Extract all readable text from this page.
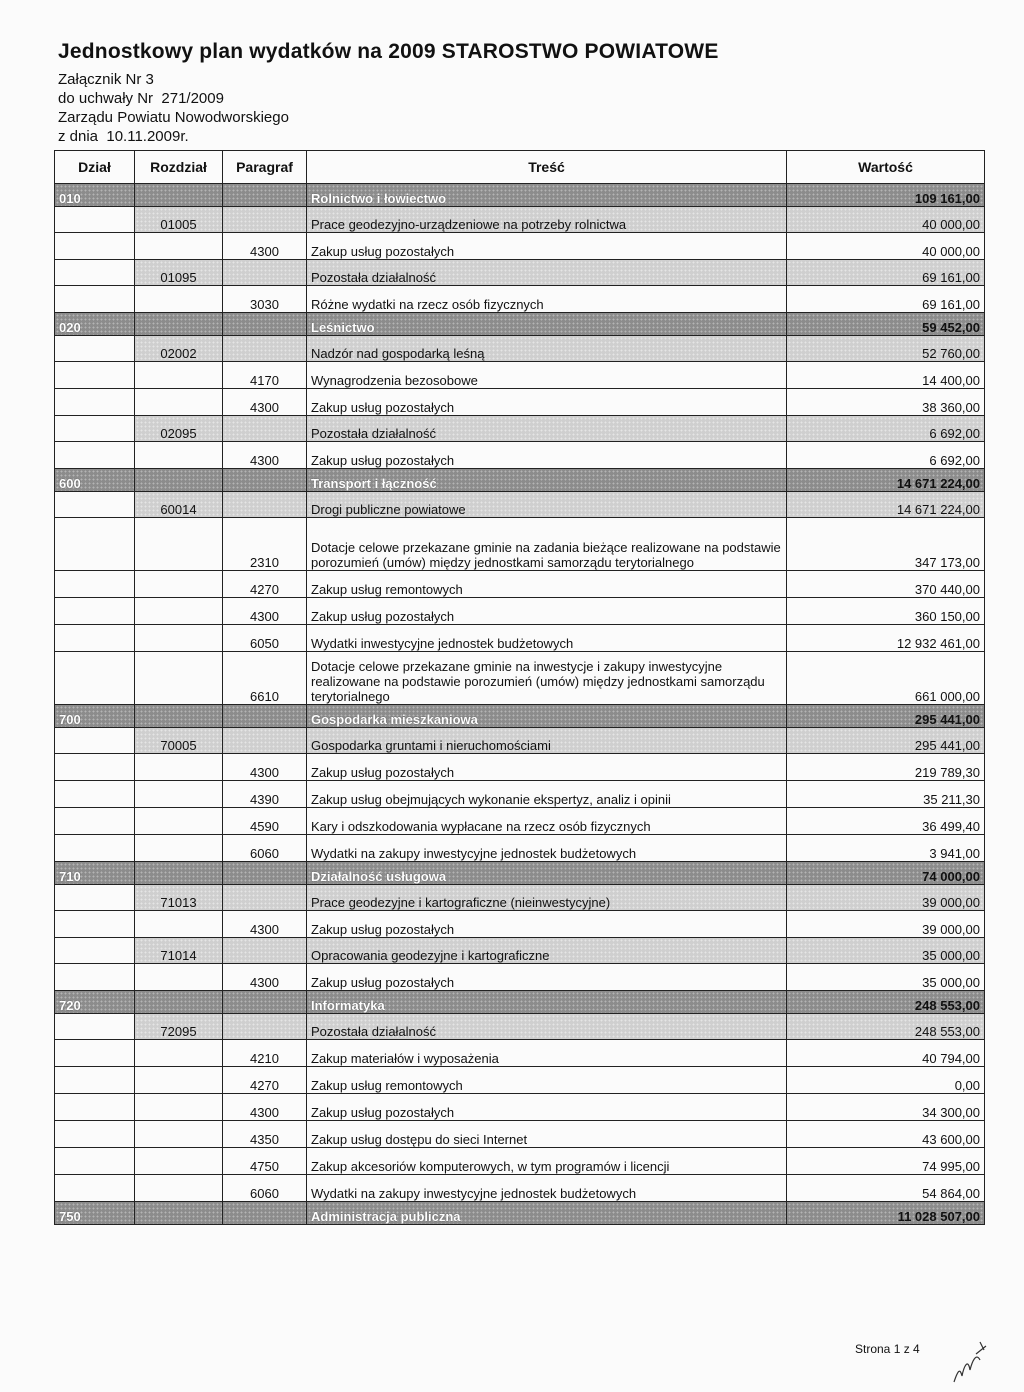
Jednostkowy plan wydatków na 2009 STAROSTWO POWIATOWE
Załącznik Nr 3
do uchwały Nr 271/2009
Zarządu Powiatu Nowodworskiego
z dnia 10.11.2009r.
Dział	Rozdział	Paragraf	Treść	Wartość
010			Rolnictwo i łowiectwo	109 161,00
	01005		Prace geodezyjno-urządzeniowe na potrzeby rolnictwa	40 000,00
		4300	Zakup usług pozostałych	40 000,00
	01095		Pozostała działalność	69 161,00
		3030	Różne wydatki na rzecz osób fizycznych	69 161,00
020			Leśnictwo	59 452,00
	02002		Nadzór nad gospodarką leśną	52 760,00
		4170	Wynagrodzenia bezosobowe	14 400,00
		4300	Zakup usług pozostałych	38 360,00
	02095		Pozostała działalność	6 692,00
		4300	Zakup usług pozostałych	6 692,00
600			Transport i łączność	14 671 224,00
	60014		Drogi publiczne powiatowe	14 671 224,00
		2310	Dotacje celowe przekazane gminie na zadania bieżące realizowane na podstawie porozumień (umów) między jednostkami samorządu terytorialnego	347 173,00
		4270	Zakup usług remontowych	370 440,00
		4300	Zakup usług pozostałych	360 150,00
		6050	Wydatki inwestycyjne jednostek budżetowych	12 932 461,00
		6610	Dotacje celowe przekazane gminie na inwestycje i zakupy inwestycyjne realizowane na podstawie porozumień (umów) między jednostkami samorządu terytorialnego	661 000,00
700			Gospodarka mieszkaniowa	295 441,00
	70005		Gospodarka gruntami i nieruchomościami	295 441,00
		4300	Zakup usług pozostałych	219 789,30
		4390	Zakup usług obejmujących wykonanie ekspertyz, analiz i opinii	35 211,30
		4590	Kary i odszkodowania wypłacane na rzecz osób fizycznych	36 499,40
		6060	Wydatki na zakupy inwestycyjne jednostek budżetowych	3 941,00
710			Działalność usługowa	74 000,00
	71013		Prace geodezyjne i kartograficzne (nieinwestycyjne)	39 000,00
		4300	Zakup usług pozostałych	39 000,00
	71014		Opracowania geodezyjne i kartograficzne	35 000,00
		4300	Zakup usług pozostałych	35 000,00
720			Informatyka	248 553,00
	72095		Pozostała działalność	248 553,00
		4210	Zakup materiałów i wyposażenia	40 794,00
		4270	Zakup usług remontowych	0,00
		4300	Zakup usług pozostałych	34 300,00
		4350	Zakup usług dostępu do sieci Internet	43 600,00
		4750	Zakup akcesoriów komputerowych, w tym programów i licencji	74 995,00
		6060	Wydatki na zakupy inwestycyjne jednostek budżetowych	54 864,00
750			Administracja publiczna	11 028 507,00
Strona 1 z 4
